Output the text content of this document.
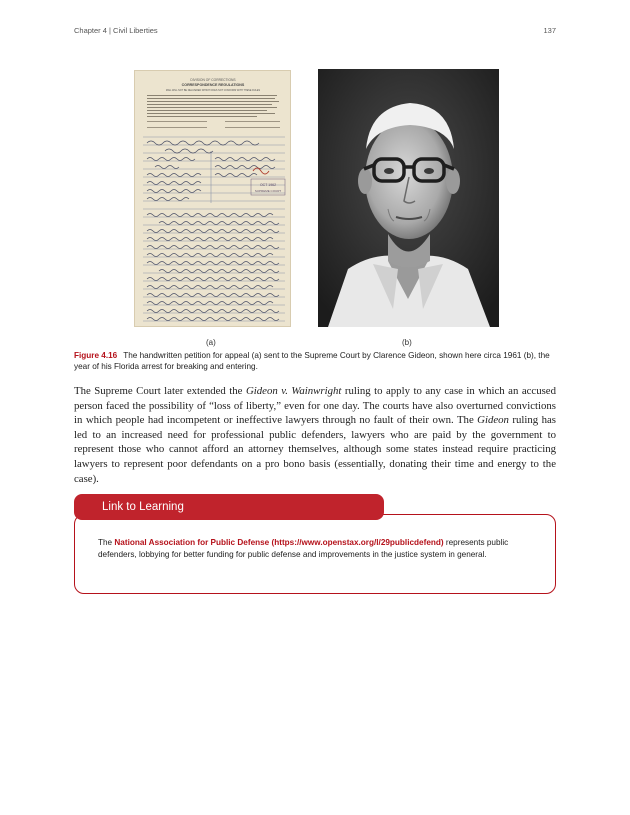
Chapter 4 | Civil Liberties	137
DIVISION OF CORRECTIONS
CORRESPONDENCE REGULATIONS
MAIL WILL NOT BE DELIVERED WHICH DOES NOT CONFORM WITH THESE RULES
OCT 1962
SUPREME COURT
(a)	(b)

Figure 4.16 The handwritten petition for appeal (a) sent to the Supreme Court by Clarence Gideon, shown here circa 1961 (b), the year of his Florida arrest for breaking and entering.

The Supreme Court later extended the Gideon v. Wainwright ruling to apply to any case in which an accused person faced the possibility of “loss of liberty,” even for one day. The courts have also overturned convictions in which people had incompetent or ineffective lawyers through no fault of their own. The Gideon ruling has led to an increased need for professional public defenders, lawyers who are paid by the government to represent those who cannot afford an attorney themselves, although some states instead require practicing lawyers to represent poor defendants on a pro bono basis (essentially, donating their time and energy to the case).

Link to Learning

The National Association for Public Defense (https://www.openstax.org/l/29publicdefend) represents public defenders, lobbying for better funding for public defense and improvements in the justice system in general.
